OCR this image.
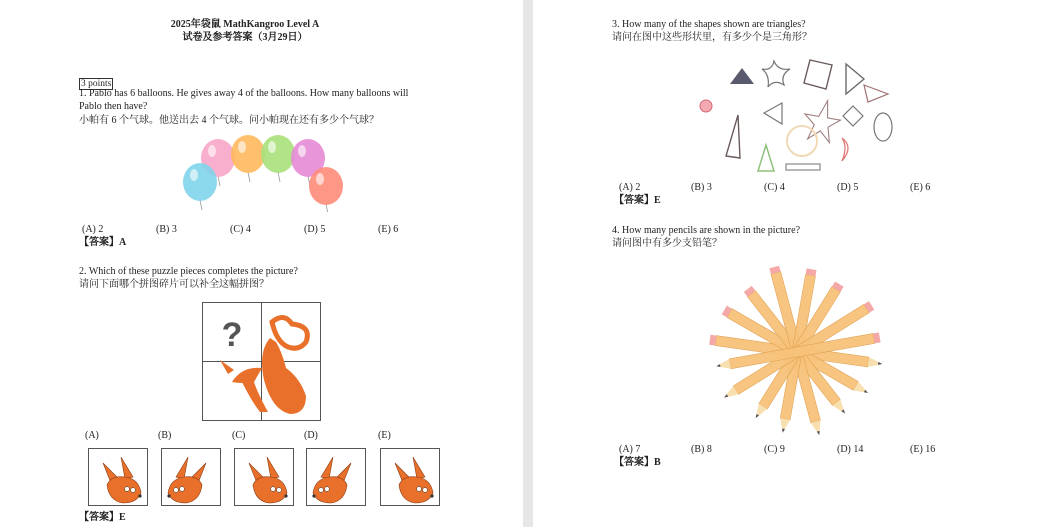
2025年袋鼠 MathKangroo Level A
试卷及参考答案（3月29日）
3 points
1. Pablo has 6 balloons. He gives away 4 of the balloons. How many balloons will
Pablo then have?
小帕有 6 个气球。他送出去 4 个气球。问小帕现在还有多少个气球？
(A) 2	(B) 3	(C) 4	(D) 5	(E) 6
【答案】A
2. Which of these puzzle pieces completes the picture?
请问下面哪个拼图碎片可以补全这幅拼图？
?
(A)	(B)	(C)	(D)	(E)
【答案】E
3. How many of the shapes shown are triangles?
请问在图中这些形状里，有多少个是三角形？
(A) 2	(B) 3	(C) 4	(D) 5	(E) 6
【答案】E
4. How many pencils are shown in the picture?
请问图中有多少支铅笔？
(A) 7	(B) 8	(C) 9	(D) 14	(E) 16
【答案】B
